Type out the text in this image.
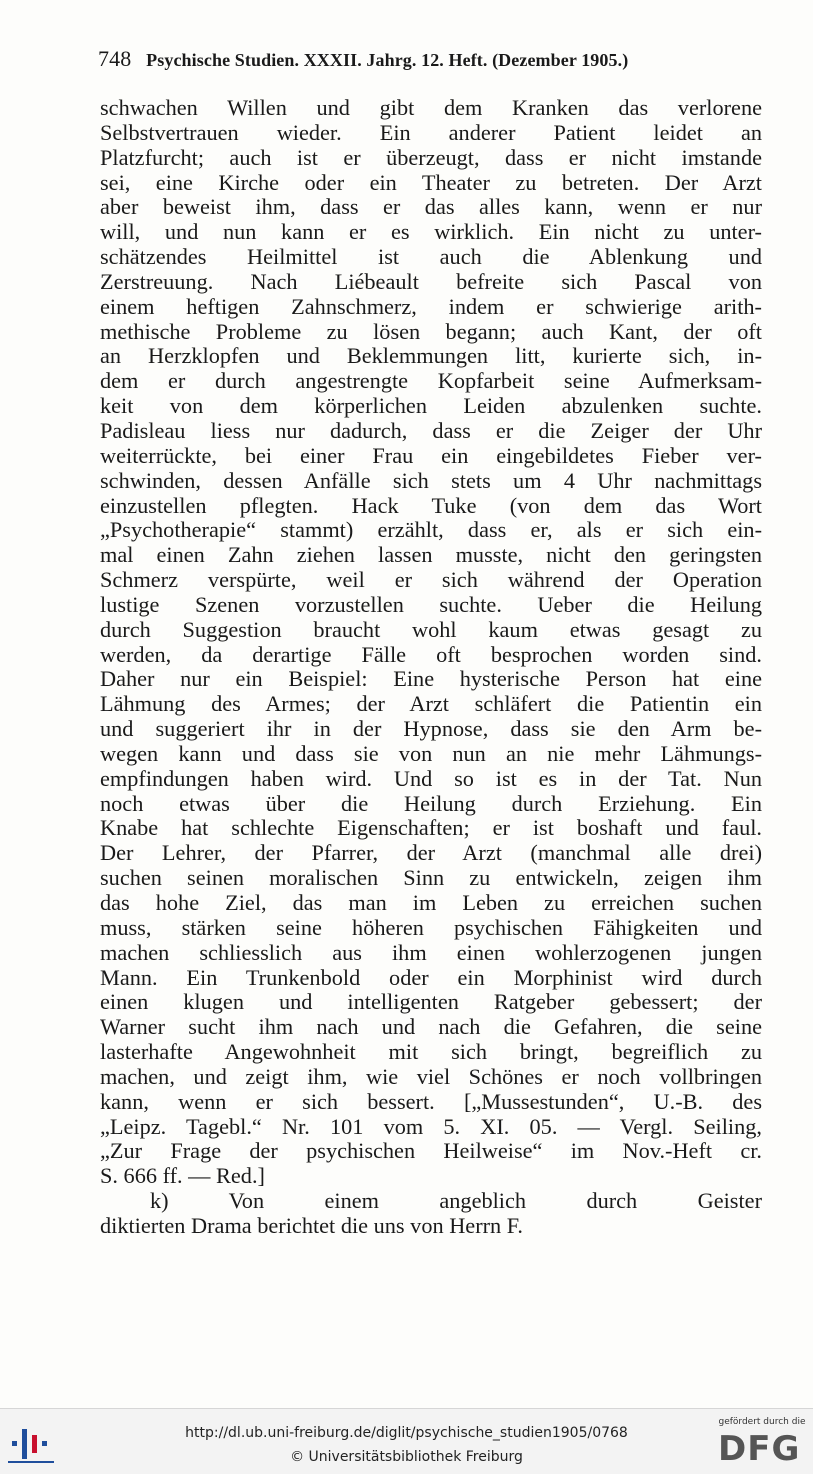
748 Psychische Studien. XXXII. Jahrg. 12. Heft. (Dezember 1905.)
schwachen Willen und gibt dem Kranken das verlorene
Selbstvertrauen wieder. Ein anderer Patient leidet an
Platzfurcht; auch ist er überzeugt, dass er nicht imstande
sei, eine Kirche oder ein Theater zu betreten. Der Arzt
aber beweist ihm, dass er das alles kann, wenn er nur
will, und nun kann er es wirklich. Ein nicht zu unter-
schätzendes Heilmittel ist auch die Ablenkung und
Zerstreuung. Nach Liébeault befreite sich Pascal von
einem heftigen Zahnschmerz, indem er schwierige arith-
methische Probleme zu lösen begann; auch Kant, der oft
an Herzklopfen und Beklemmungen litt, kurierte sich, in-
dem er durch angestrengte Kopfarbeit seine Aufmerksam-
keit von dem körperlichen Leiden abzulenken suchte.
Padisleau liess nur dadurch, dass er die Zeiger der Uhr
weiterrückte, bei einer Frau ein eingebildetes Fieber ver-
schwinden, dessen Anfälle sich stets um 4 Uhr nachmittags
einzustellen pflegten. Hack Tuke (von dem das Wort
„Psychotherapie“ stammt) erzählt, dass er, als er sich ein-
mal einen Zahn ziehen lassen musste, nicht den geringsten
Schmerz verspürte, weil er sich während der Operation
lustige Szenen vorzustellen suchte. Ueber die Heilung
durch Suggestion braucht wohl kaum etwas gesagt zu
werden, da derartige Fälle oft besprochen worden sind.
Daher nur ein Beispiel: Eine hysterische Person hat eine
Lähmung des Armes; der Arzt schläfert die Patientin ein
und suggeriert ihr in der Hypnose, dass sie den Arm be-
wegen kann und dass sie von nun an nie mehr Lähmungs-
empfindungen haben wird. Und so ist es in der Tat. Nun
noch etwas über die Heilung durch Erziehung. Ein
Knabe hat schlechte Eigenschaften; er ist boshaft und faul.
Der Lehrer, der Pfarrer, der Arzt (manchmal alle drei)
suchen seinen moralischen Sinn zu entwickeln, zeigen ihm
das hohe Ziel, das man im Leben zu erreichen suchen
muss, stärken seine höheren psychischen Fähigkeiten und
machen schliesslich aus ihm einen wohlerzogenen jungen
Mann. Ein Trunkenbold oder ein Morphinist wird durch
einen klugen und intelligenten Ratgeber gebessert; der
Warner sucht ihm nach und nach die Gefahren, die seine
lasterhafte Angewohnheit mit sich bringt, begreiflich zu
machen, und zeigt ihm, wie viel Schönes er noch vollbringen
kann, wenn er sich bessert. [„Mussestunden“, U.-B. des
„Leipz. Tagebl.“ Nr. 101 vom 5. XI. 05. — Vergl. Seiling,
„Zur Frage der psychischen Heilweise“ im Nov.-Heft cr.
S. 666 ff. — Red.]
k) Von einem angeblich durch Geister
diktierten Drama berichtet die uns von Herrn F.
http://dl.ub.uni-freiburg.de/diglit/psychische_studien1905/0768
© Universitätsbibliothek Freiburg
gefördert durch die
DFG
